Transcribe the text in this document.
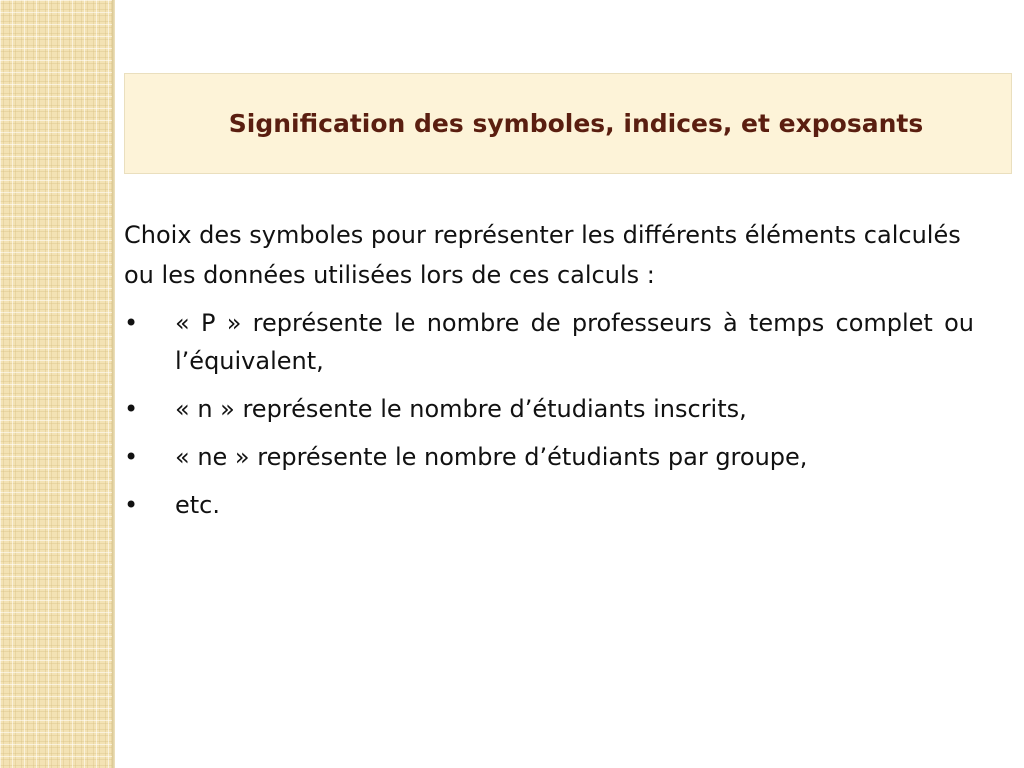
Signification des symboles, indices, et exposants

Choix des symboles pour représenter les différents éléments calculés ou les données utilisées lors de ces calculs :

• « P » représente le nombre de professeurs à temps complet ou l’équivalent,
• « n » représente le nombre d’étudiants inscrits,
• « ne » représente le nombre d’étudiants par groupe,
• etc.
